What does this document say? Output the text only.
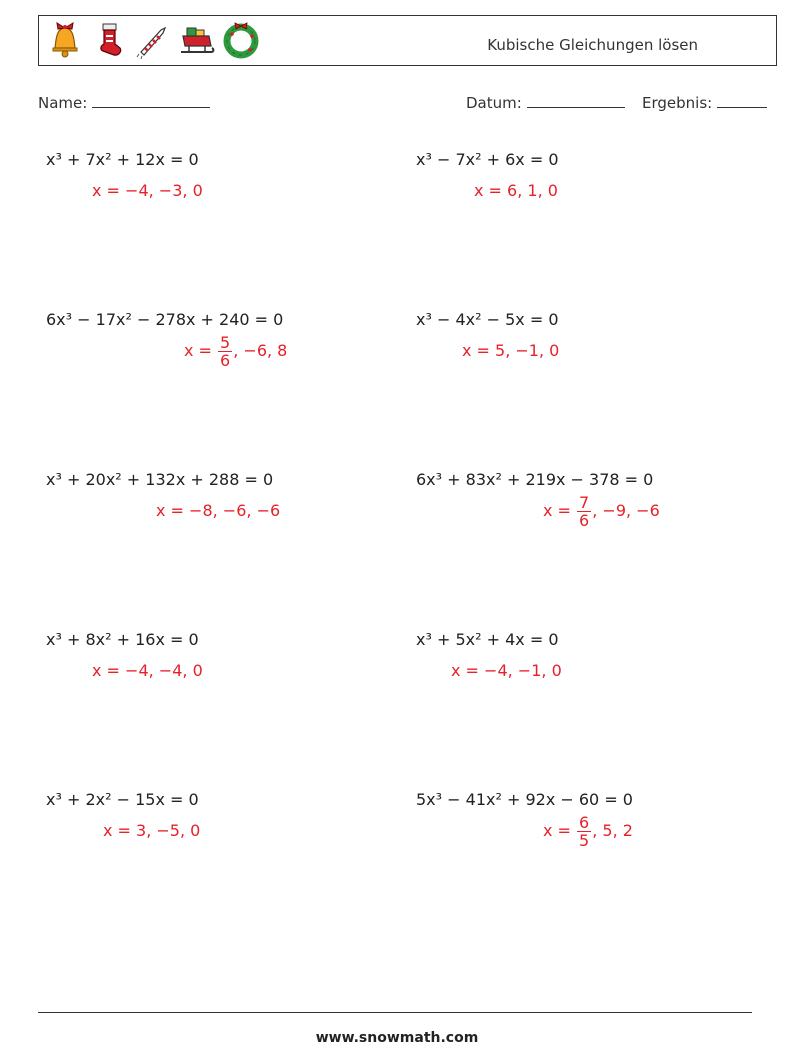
Kubische Gleichungen lösen
Name:	Datum:	Ergebnis:
x³ + 7x² + 12x = 0
x = −4, −3, 0
x³ − 7x² + 6x = 0
x = 6, 1, 0
6x³ − 17x² − 278x + 240 = 0
$x = \frac{5}{6}$ , −6, 8
x³ − 4x² − 5x = 0
x = 5, −1, 0
x³ + 20x² + 132x + 288 = 0
x = −8, −6, −6
6x³ + 83x² + 219x − 378 = 0
$x = \frac{7}{6}$ , −9, −6
x³ + 8x² + 16x = 0
x = −4, −4, 0
x³ + 5x² + 4x = 0
x = −4, −1, 0
x³ + 2x² − 15x = 0
x = 3, −5, 0
5x³ − 41x² + 92x − 60 = 0
$x = \frac{6}{5}$ , 5, 2
www.snowmath.com
